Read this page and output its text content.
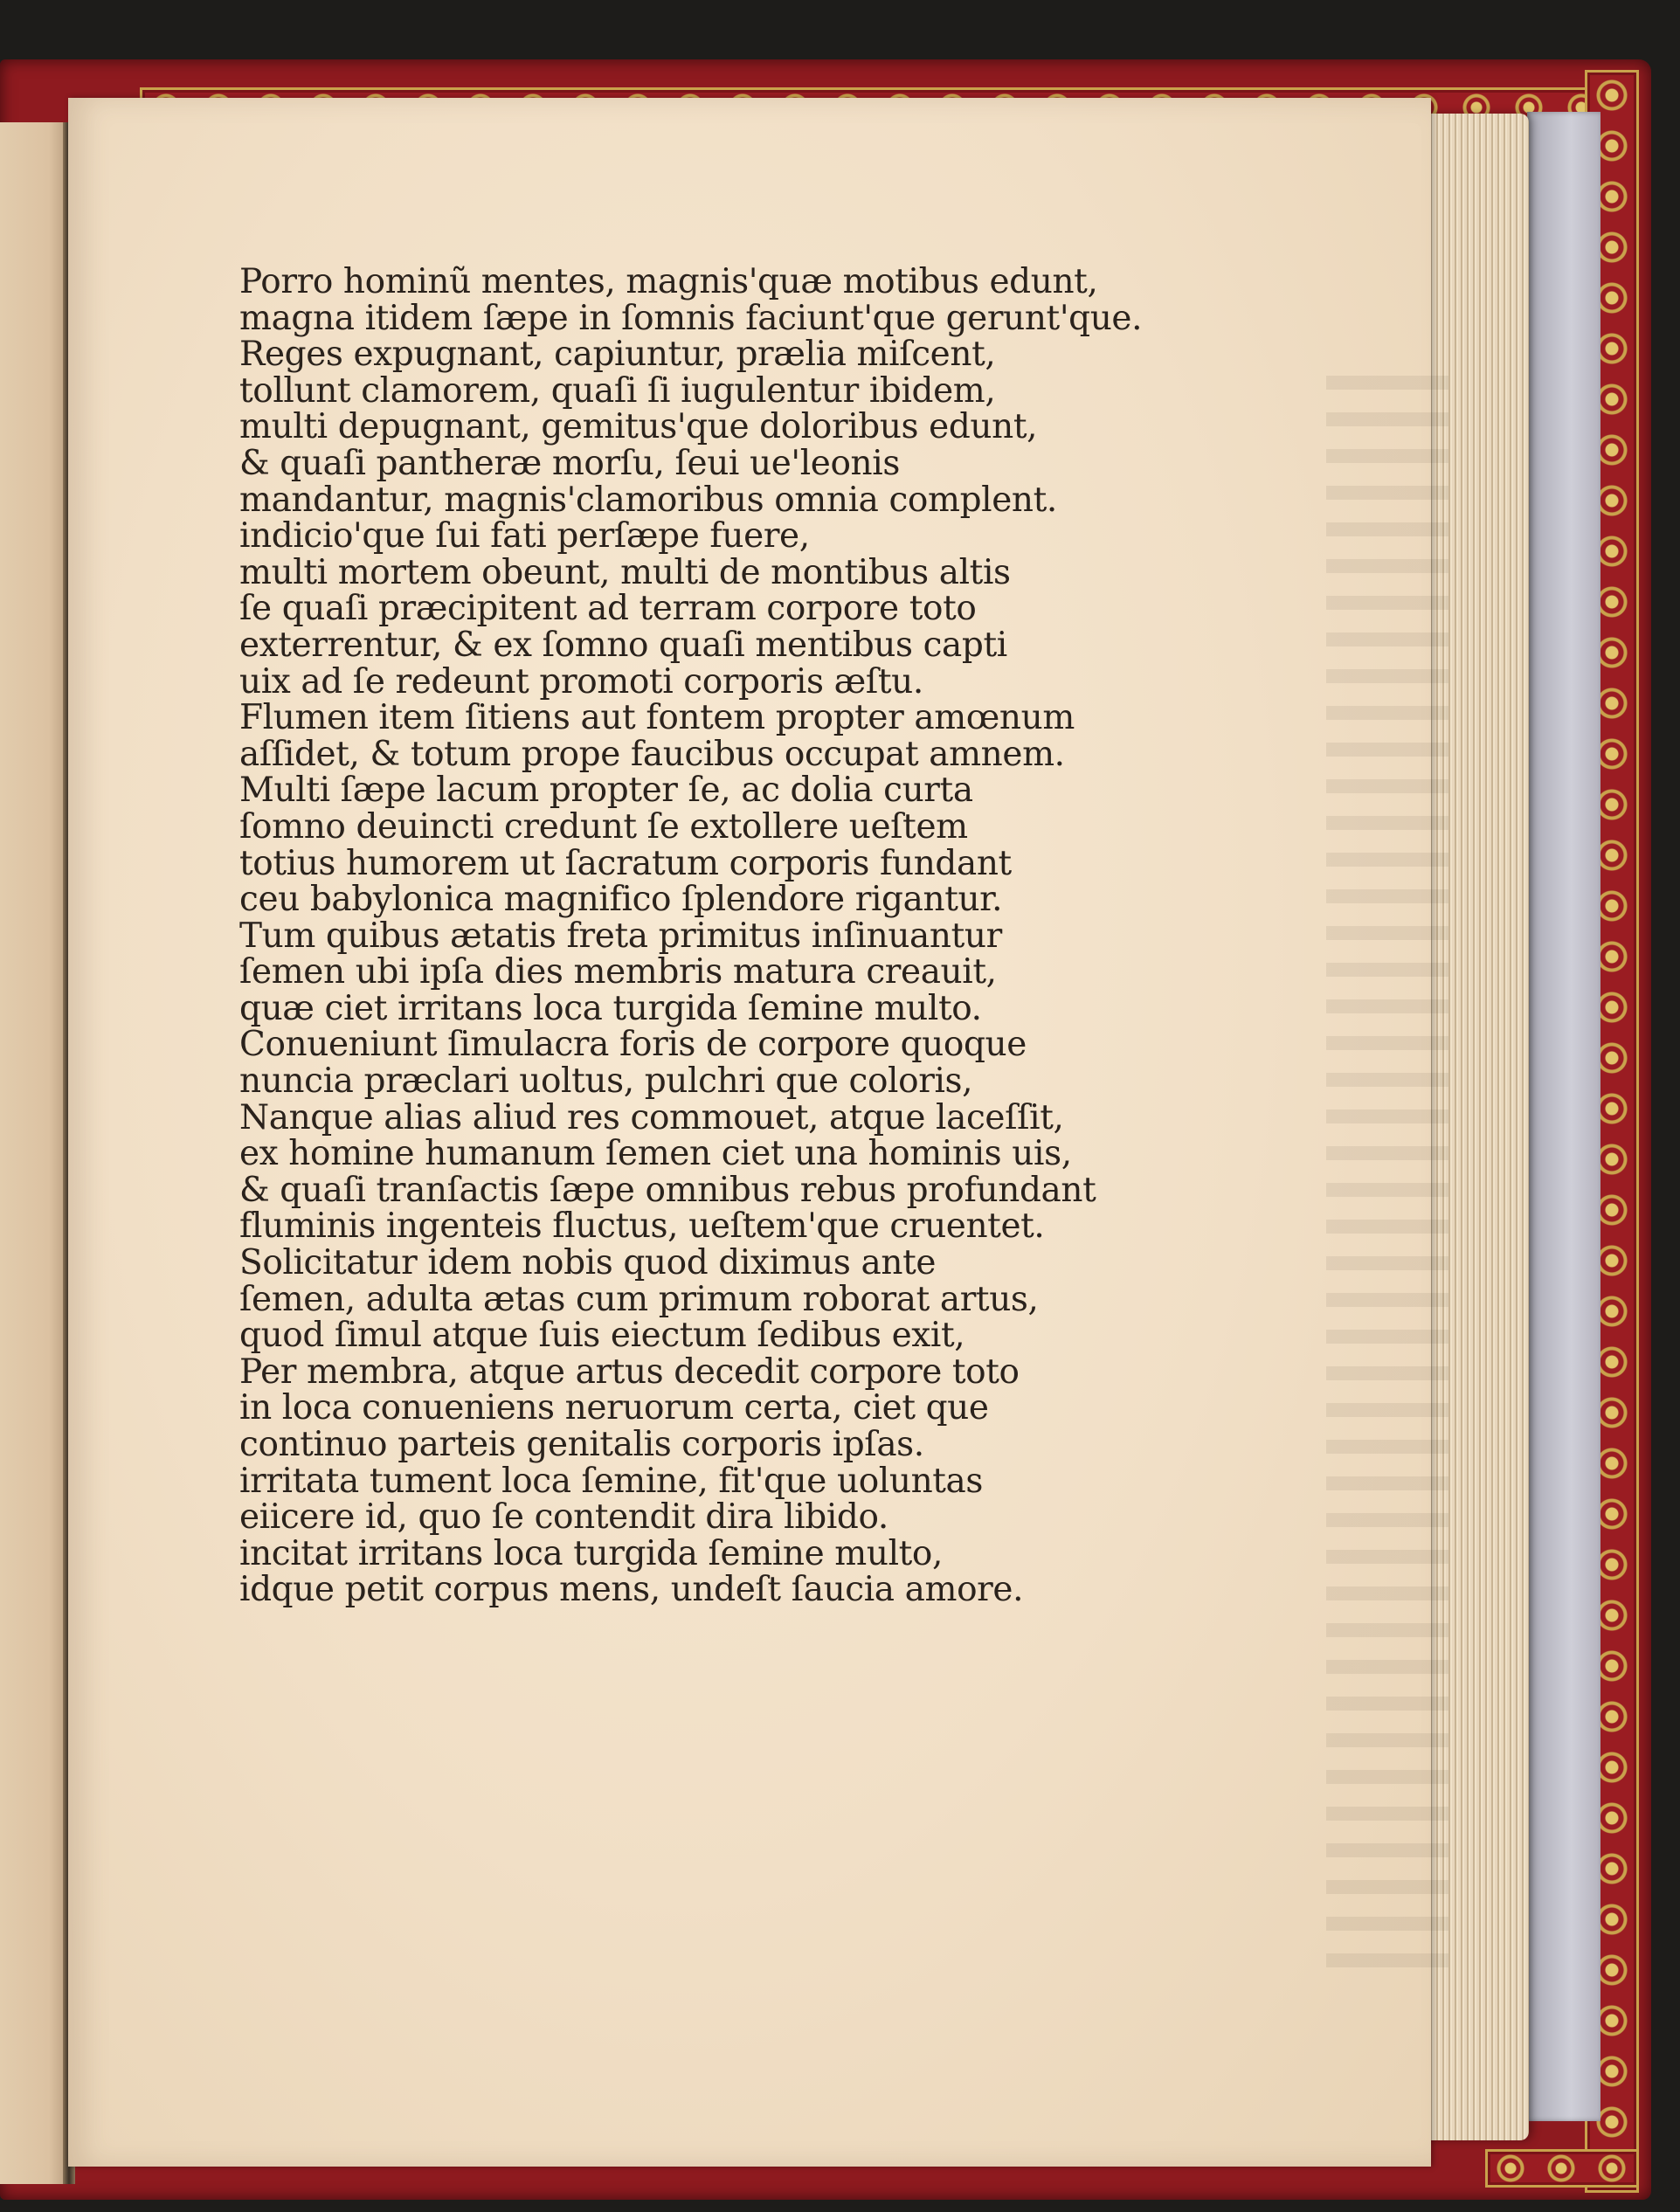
Porro hominũ mentes, magnis'quæ motibus edunt,
magna itidem ſæpe in ſomnis faciunt'que gerunt'que.
Reges expugnant, capiuntur, prælia miſcent,
tollunt clamorem, quaſi ſi iugulentur ibidem,
multi depugnant, gemitus'que doloribus edunt,
& quaſi pantheræ morſu, ſeui ue'leonis
mandantur, magnis'clamoribus omnia complent.
indicio'que ſui fati perſæpe fuere,
multi mortem obeunt, multi de montibus altis
ſe quaſi præcipitent ad terram corpore toto
exterrentur, & ex ſomno quaſi mentibus capti
uix ad ſe redeunt promoti corporis æſtu.
Flumen item ſitiens aut fontem propter amœnum
aſſidet, & totum prope faucibus occupat amnem.
Multi ſæpe lacum propter ſe, ac dolia curta
ſomno deuincti credunt ſe extollere ueſtem
totius humorem ut ſacratum corporis fundant
ceu babylonica magnifico ſplendore rigantur.
Tum quibus ætatis freta primitus inſinuantur
ſemen ubi ipſa dies membris matura creauit,
quæ ciet irritans loca turgida ſemine multo.
Conueniunt ſimulacra foris de corpore quoque
nuncia præclari uoltus, pulchri que coloris,
Nanque alias aliud res commouet, atque laceſſit,
ex homine humanum ſemen ciet una hominis uis,
& quaſi tranſactis ſæpe omnibus rebus profundant
fluminis ingenteis fluctus, ueſtem'que cruentet.
Solicitatur idem nobis quod diximus ante
ſemen, adulta ætas cum primum roborat artus,
quod ſimul atque ſuis eiectum ſedibus exit,
Per membra, atque artus decedit corpore toto
in loca conueniens neruorum certa, ciet que
continuo parteis genitalis corporis ipſas.
irritata tument loca ſemine, fit'que uoluntas
eiicere id, quo ſe contendit dira libido.
incitat irritans loca turgida ſemine multo,
idque petit corpus mens, undeſt ſaucia amore.
